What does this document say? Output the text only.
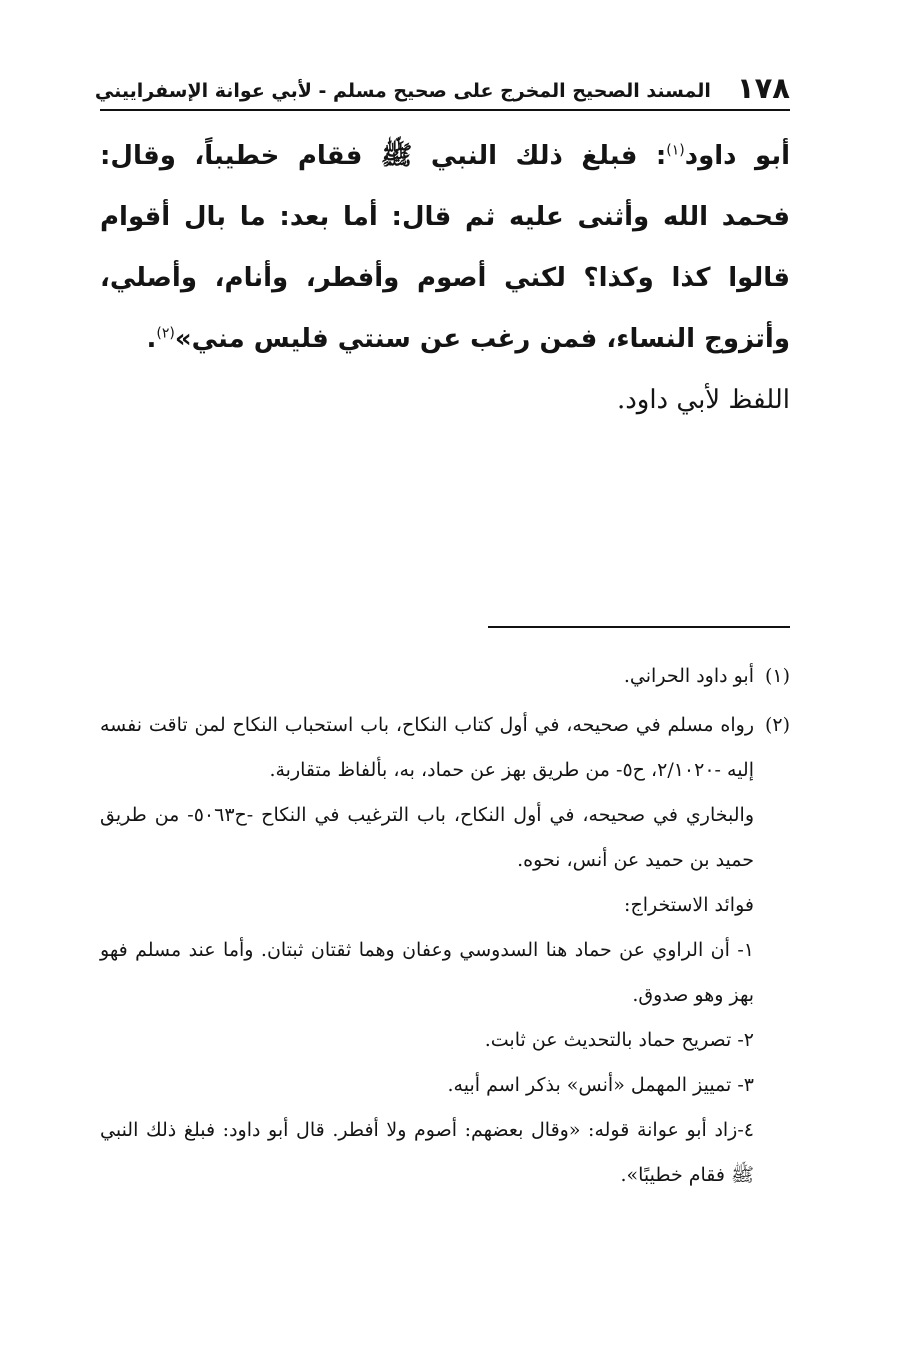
١٧٨
المسند الصحيح المخرج على صحيح مسلم - لأبي عوانة الإسفراييني

أبو داود$^{(١)}$: فبلغ ذلك النبي ﷺ فقام خطيباً، وقال: فحمد الله وأثنى عليه ثم قال: أما بعد: ما بال أقوام قالوا كذا وكذا؟ لكني أصوم وأفطر، وأنام، وأصلي، وأتزوج النساء، فمن رغب عن سنتي فليس مني»$^{(٢)}$.

اللفظ لأبي داود.

(١)

أبو داود الحراني.

(٢)

رواه مسلم في صحيحه، في أول كتاب النكاح، باب استحباب النكاح لمن تاقت نفسه إليه -٢/١٠٢٠، ح٥- من طريق بهز عن حماد، به، بألفاظ متقاربة.

والبخاري في صحيحه، في أول النكاح، باب الترغيب في النكاح -ح٥٠٦٣- من طريق حميد بن حميد عن أنس، نحوه.

فوائد الاستخراج:

١- أن الراوي عن حماد هنا السدوسي وعفان وهما ثقتان ثبتان. وأما عند مسلم فهو بهز وهو صدوق.

٢- تصريح حماد بالتحديث عن ثابت.

٣- تمييز المهمل «أنس» بذكر اسم أبيه.

٤-زاد أبو عوانة قوله: «وقال بعضهم: أصوم ولا أفطر. قال أبو داود: فبلغ ذلك النبي ﷺ فقام خطيبًا».
